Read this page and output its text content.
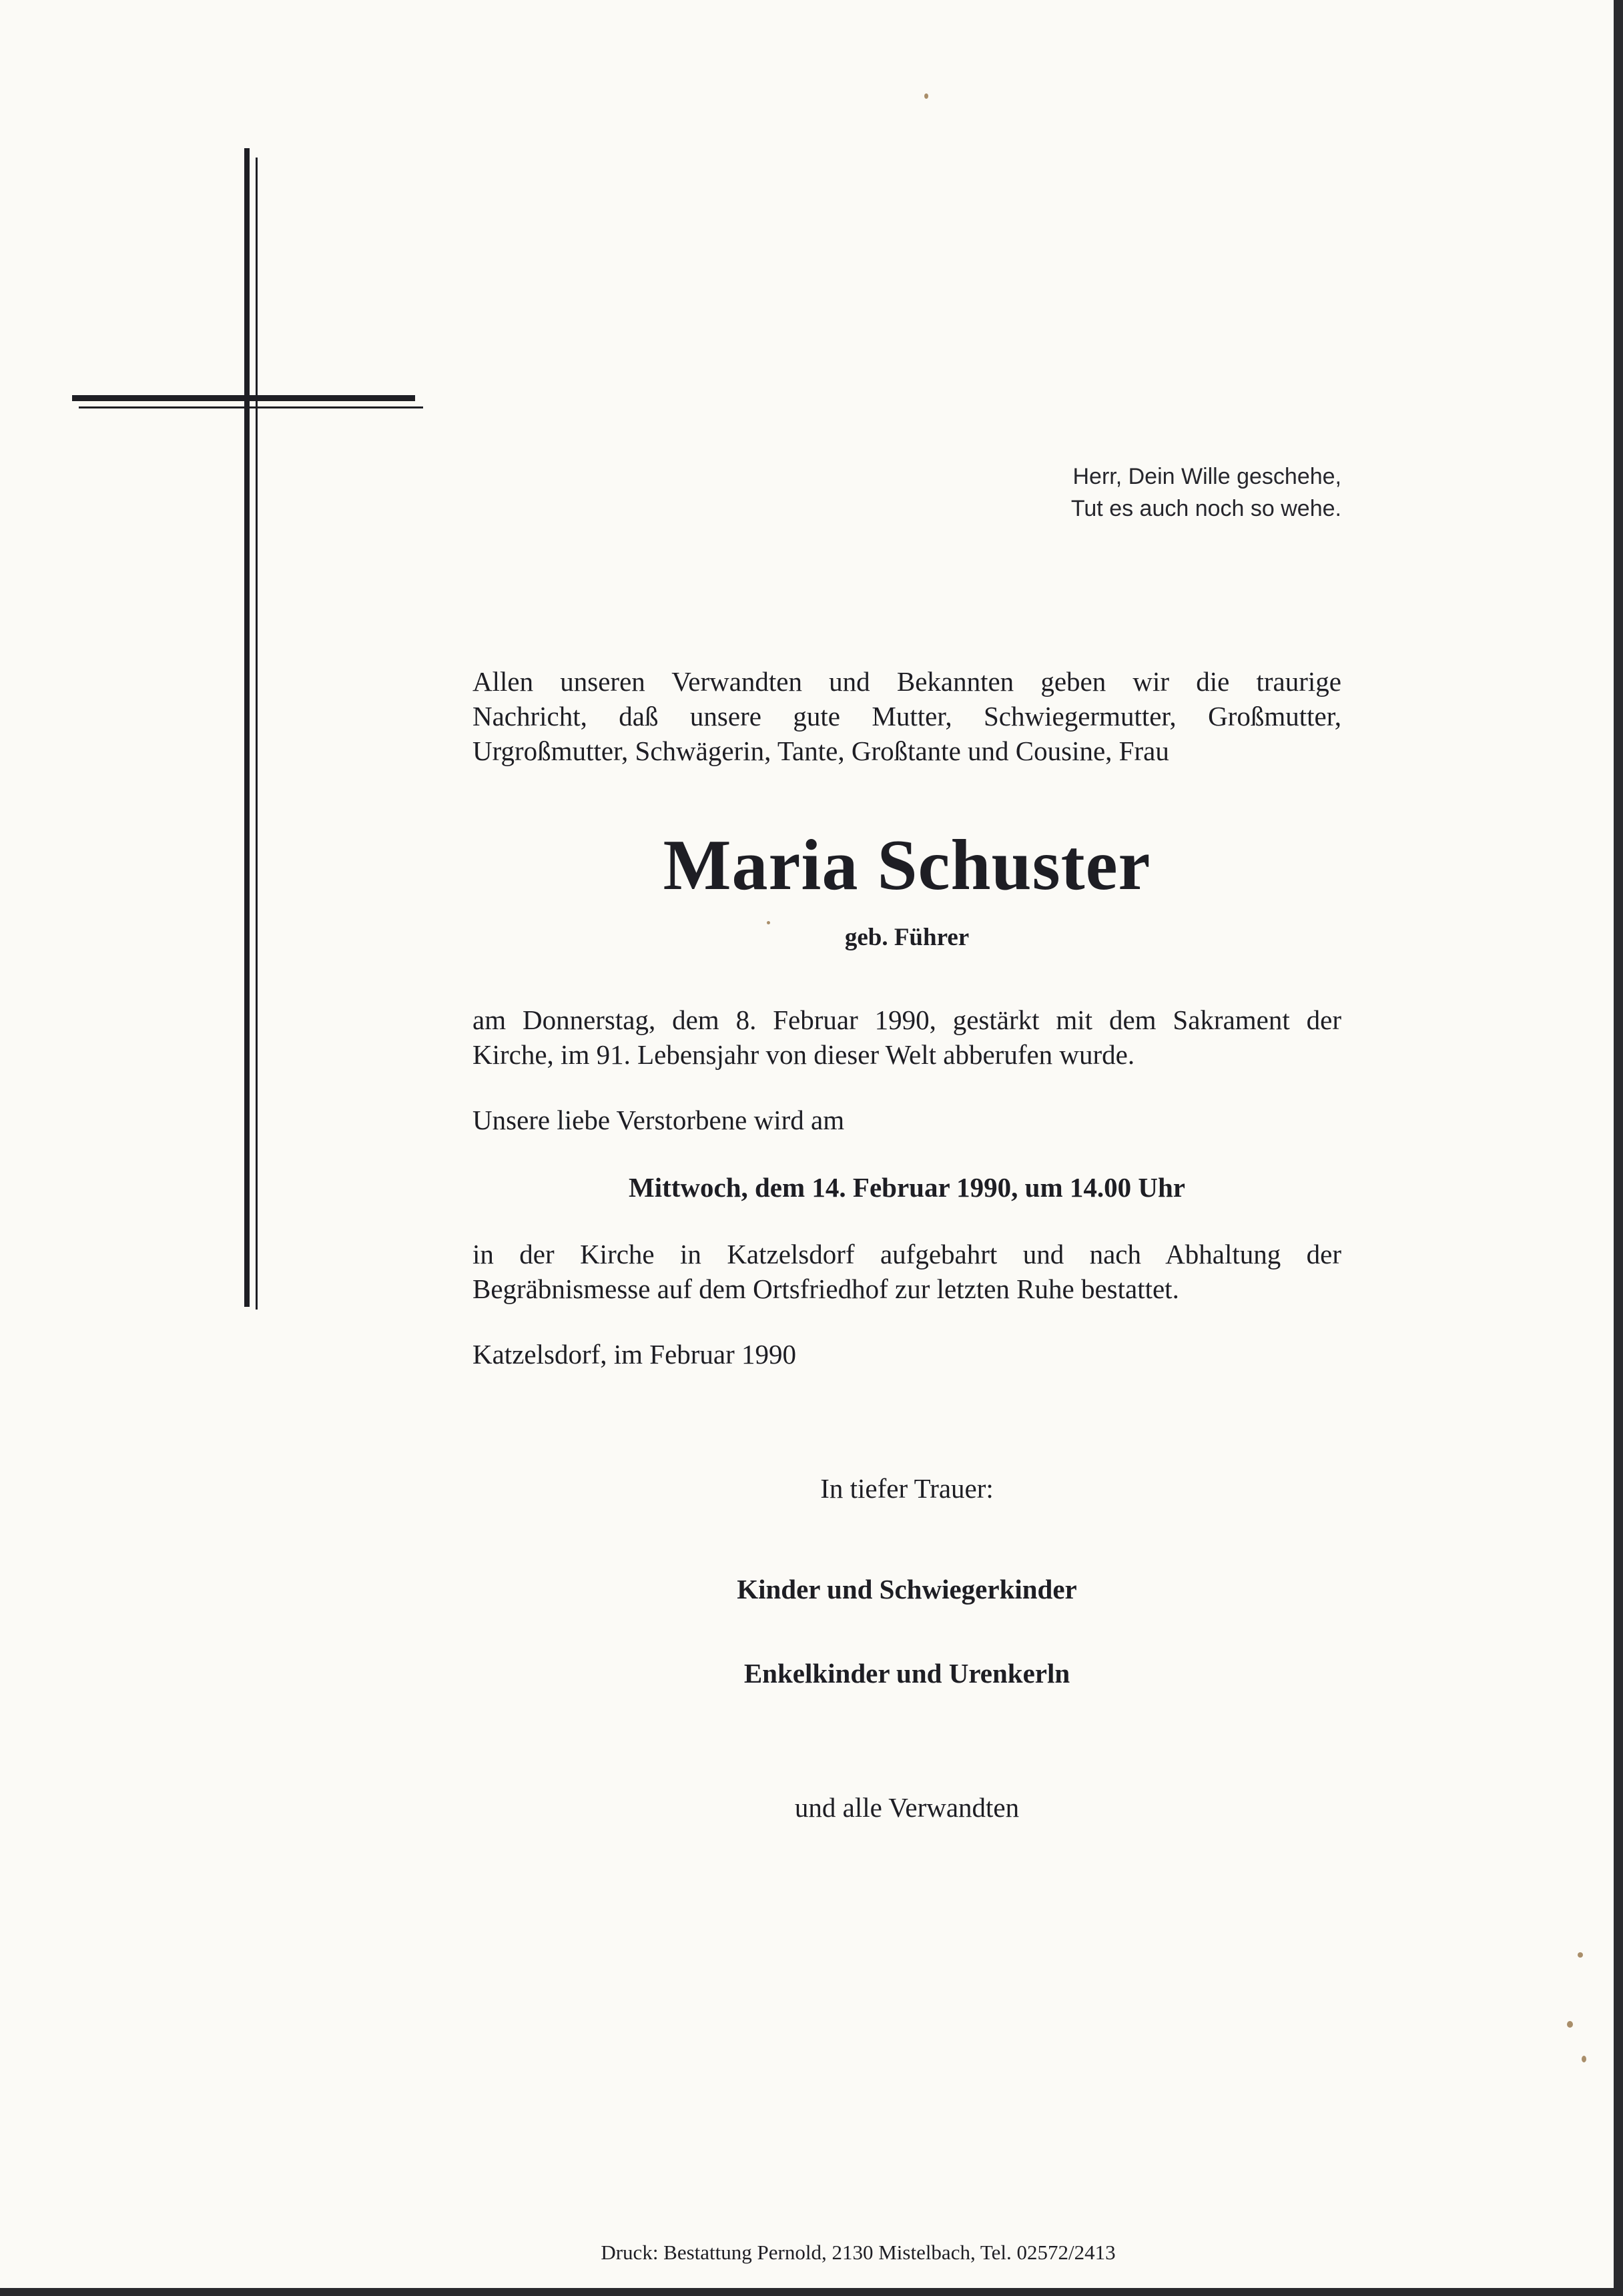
Herr, Dein Wille geschehe,
Tut es auch noch so wehe.
Allen unseren Verwandten und Bekannten geben wir die traurige
Nachricht, daß unsere gute Mutter, Schwiegermutter, Großmutter,
Urgroßmutter, Schwägerin, Tante, Großtante und Cousine, Frau
Maria Schuster
geb. Führer
am Donnerstag, dem 8. Februar 1990, gestärkt mit dem Sakrament der
Kirche, im 91. Lebensjahr von dieser Welt abberufen wurde.
Unsere liebe Verstorbene wird am
Mittwoch, dem 14. Februar 1990, um 14.00 Uhr
in der Kirche in Katzelsdorf aufgebahrt und nach Abhaltung der
Begräbnismesse auf dem Ortsfriedhof zur letzten Ruhe bestattet.
Katzelsdorf, im Februar 1990
In tiefer Trauer:
Kinder und Schwiegerkinder
Enkelkinder und Urenkerln
und alle Verwandten
Druck: Bestattung Pernold, 2130 Mistelbach, Tel. 02572/2413
